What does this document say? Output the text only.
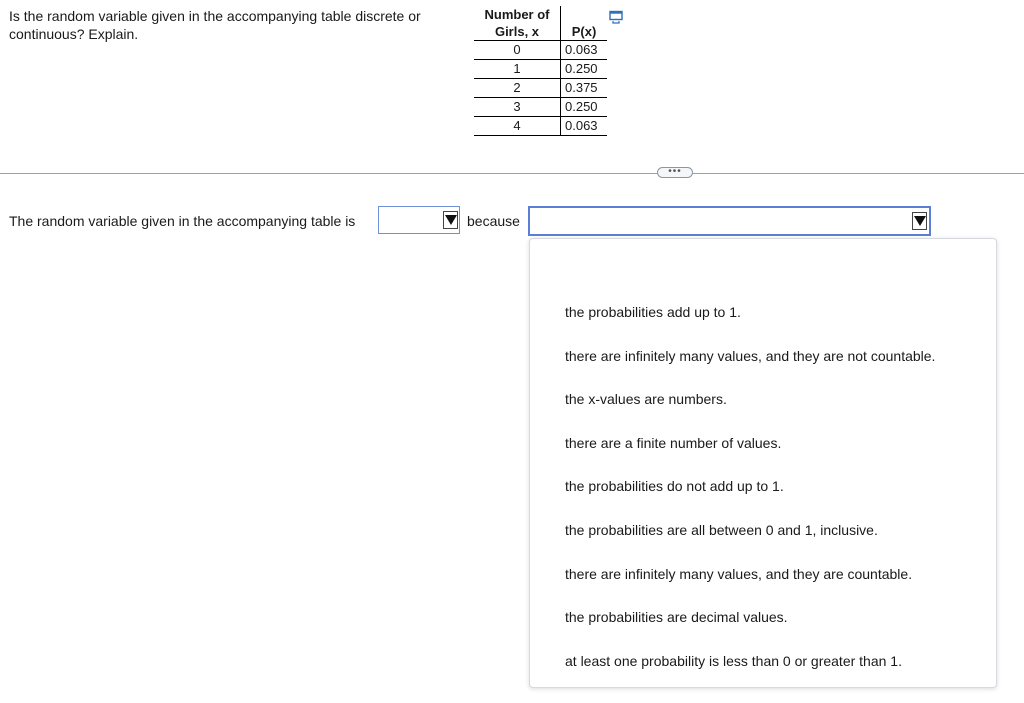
Is the random variable given in the accompanying table discrete or continuous? Explain.
Number of
Girls, x	P(x)
0	0.063
1	0.250
2	0.375
3	0.250
4	0.063
•••
The random variable given in the accompanying table is	because
the probabilities add up to 1.
there are infinitely many values, and they are not countable.
the x-values are numbers.
there are a finite number of values.
the probabilities do not add up to 1.
the probabilities are all between 0 and 1, inclusive.
there are infinitely many values, and they are countable.
the probabilities are decimal values.
at least one probability is less than 0 or greater than 1.
